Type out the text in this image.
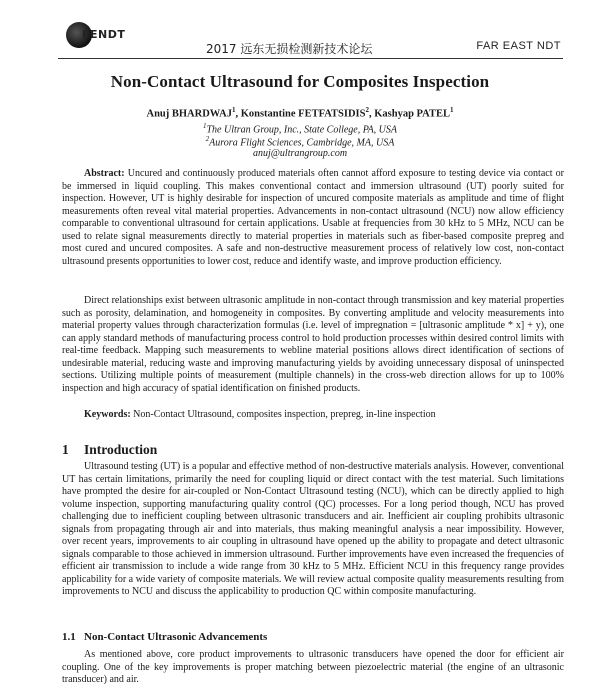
FENDT
2017 远东无损检测新技术论坛	FAR EAST NDT
Non-Contact Ultrasound for Composites Inspection
Anuj BHARDWAJ$^1$, Konstantine FETFATSIDIS$^2$, Kashyap PATEL$^1$
$^1$The Ultran Group, Inc., State College, PA, USA
$^2$Aurora Flight Sciences, Cambridge, MA, USA
anuj@ultrangroup.com
Abstract: Uncured and continuously produced materials often cannot afford exposure to testing device via contact or be immersed in liquid coupling. This makes conventional contact and immersion ultrasound (UT) poorly suited for inspection. However, UT is highly desirable for inspection of uncured composite materials as amplitude and time of flight measurements often reveal vital material properties. Advancements in non-contact ultrasound (NCU) now allow efficiency comparable to conventional ultrasound for certain applications. Usable at frequencies from 30 kHz to 5 MHz, NCU can be used to relate signal measurements directly to material properties in materials such as fiber-based composite prepreg and most cured and uncured composites. A safe and non-destructive measurement process of relatively low cost, non-contact ultrasound presents opportunities to lower cost, reduce and identify waste, and improve production efficiency.
Direct relationships exist between ultrasonic amplitude in non-contact through transmission and key material properties such as porosity, delamination, and homogeneity in composites. By converting amplitude and velocity measurements into material property values through characterization formulas (i.e. level of impregnation = [ultrasonic amplitude * x] + y), one can apply standard methods of manufacturing process control to hold production processes within desired control limits with real-time feedback. Mapping such measurements to webline material positions allows direct identification of sections of undesirable material, reducing waste and improving manufacturing yields by avoiding unnecessary disposal of uninspected sections. Utilizing multiple points of measurement (multiple channels) in the cross-web direction allows for up to 100% inspection and high accuracy of spatial identification on finished products.
Keywords: Non-Contact Ultrasound, composites inspection, prepreg, in-line inspection
1 Introduction
Ultrasound testing (UT) is a popular and effective method of non-destructive materials analysis. However, conventional UT has certain limitations, primarily the need for coupling liquid or direct contact with the test material. Such limitations have prompted the desire for air-coupled or Non-Contact Ultrasound testing (NCU), which can be directly applied to high volume inspection, supporting manufacturing quality control (QC) processes. For a long period though, NCU has proved challenging due to inefficient coupling between ultrasonic transducers and air. Inefficient air coupling prohibits ultrasonic signals from propagating through air and into materials, thus making meaningful analysis a near impossibility. However, over recent years, improvements to air coupling in ultrasound have opened up the ability to propagate and detect ultrasonic signals comparable to those achieved in immersion ultrasound. Further improvements have even increased the frequencies of efficient air transmission to include a wide range from 30 kHz to 5 MHz. Efficient NCU in this frequency range provides applicability for a wide variety of composite materials. We will review actual composite quality measurements resulting from improvements to NCU and discuss the applicability to production QC within composite manufacturing.
1.1 Non-Contact Ultrasonic Advancements
As mentioned above, core product improvements to ultrasonic transducers have opened the door for efficient air coupling. One of the key improvements is proper matching between piezoelectric material (the engine of an ultrasonic transducer) and air.
